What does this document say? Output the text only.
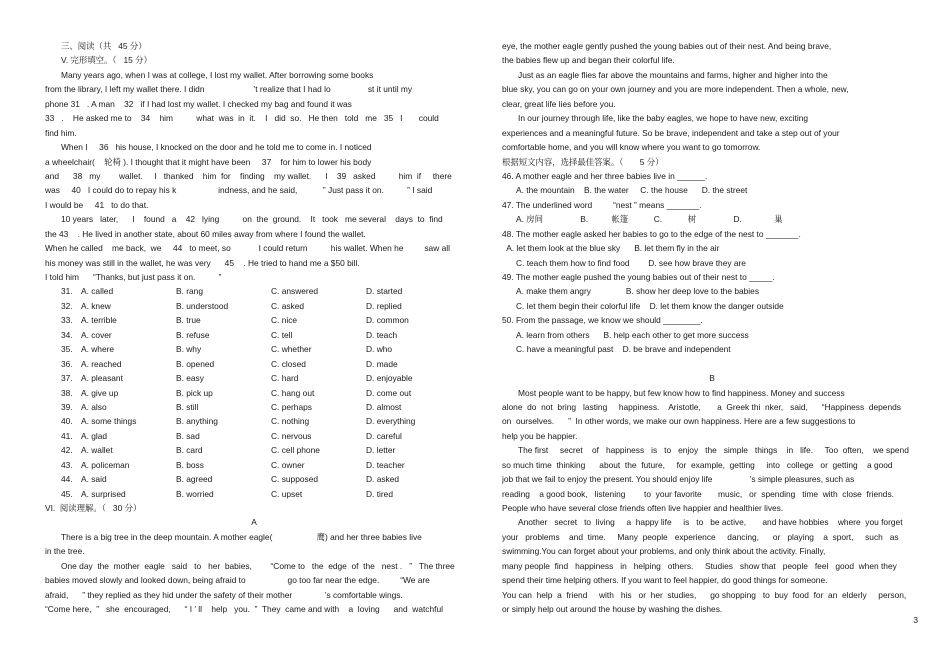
三、阅读（共   45 分）
V. 完形填空。（   15 分）
Many years ago, when I was at college, I lost my wallet. After borrowing some books
from the library, I left my wallet there. I didn                     ’t realize that I had lo                st it until my
phone 31   . A man    32   if I had lost my wallet. I checked my bag and found it was
33   .    He asked me to    34    him          what  was  in  it.    I   did  so.   He then   told   me   35   I       could
find him.
When I     36   his house, I knocked on the door and he told me to come in. I noticed
a wheelchair(    轮椅 ). I thought that it might have been     37    for him to lower his body
and      38   my        wallet.     I   thanked    him  for    finding    my wallet.      I    39   asked          him  if     there
was     40   I could do to repay his k                  indness, and he said,           ” Just pass it on.          ” I said
I would be     41   to do that.
10 years   later,      I    found   a    42   lying          on  the  ground.    It   took   me several    days  to  find
the 43    . He lived in another state, about 60 miles away from where I found the wallet.
When he called    me back,  we     44   to meet, so            I could return          his wallet. When he         saw all
his money was still in the wallet, he was very      45    . He tried to hand me a $50 bill.
I told him      “Thanks, but just pass it on.          ”
31. A. called	B. rang	C. answered	D. started
32. A. knew	B. understood	C. asked	D. replied
33. A. terrible	B. true	C. nice	D. common
34. A. cover	B. refuse	C. tell	D. teach
35. A. where	B. why	C. whether	D. who
36. A. reached	B. opened	C. closed	D. made
37. A. pleasant	B. easy	C. hard	D. enjoyable
38. A. give up	B. pick up	C. hang out	D. come out
39. A. also	B. still	C. perhaps	D. almost
40. A. some things	B. anything	C. nothing	D. everything
41. A. glad	B. sad	C. nervous	D. careful
42. A. wallet	B. card	C. cell phone	D. letter
43. A. policeman	B. boss	C. owner	D. teacher
44. A. said	B. agreed	C. supposed	D. asked
45. A. surprised	B. worried	C. upset	D. tired
VI.  阅读理解。（   30 分）
A
There is a big tree in the deep mountain. A mother eagle(                   鹰) and her three babies live
in the tree.
One day  the  mother  eagle   said   to   her  babies,        “Come to   the  edge  of  the   nest .   ”   The three
babies moved slowly and looked down, being afraid to                  go too far near the edge.         “We are
afraid,      ” they replied as they hid under the safety of their mother              ’s comfortable wings.
“Come here,  ”   she  encouraged,      “ I ’ ll    help   you.  ”  They  came and with    a  loving      and  watchful
eye, the mother eagle gently pushed the young babies out of their nest. And being brave,
the babies flew up and began their colorful life.
Just as an eagle flies far above the mountains and farms, higher and higher into the
blue sky, you can go on your own journey and you are more independent. Then a whole, new,
clear, great life lies before you.
In our journey through life, like the baby eagles, we hope to have new, exciting
experiences and a meaningful future. So be brave, independent and take a step out of your
comfortable home, and you will know where you want to go tomorrow.
根据短文内容，选择最佳答案。（       5 分）
46. A mother eagle and her three babies live in ______.
A. the mountain    B. the water     C. the house      D. the street
47. The underlined word         “nest ” means _______.
A. 房间                B.          帐篷           C.           树                D.              巢
48. The mother eagle asked her babies to go to the edge of the nest to _______.
A. let them look at the blue sky      B. let them fly in the air
C. teach them how to find food        D. see how brave they are
49. The mother eagle pushed the young babies out of their nest to _____.
A. make them angry               B. show her deep love to the babies
C. let them begin their colorful life    D. let them know the danger outside
50. From the passage, we know we should ________.
A. learn from others      B. help each other to get more success
C. have a meaningful past    D. be brave and independent
B
Most people want to be happy, but few know how to find happiness. Money and success
alone  do  not  bring   lasting     happiness.    Aristotle,       a  Greek thi  nker,   said,      “Happiness  depends
on  ourselves.      ”  In other words, we make our own happiness. Here are a few suggestions to
help you be happier.
The first     secret    of   happiness   is   to   enjoy   the   simple   things    in   life.     Too  often,    we spend
so much time  thinking      about  the  future,     for  example,  getting     into   college   or  getting    a good
job that we fail to enjoy the present. You should enjoy life                ’s simple pleasures, such as
reading    a good book,   listening        to  your favorite       music,   or  spending   time  with  close  friends.
People who have several close friends often live happier and healthier lives.
Another   secret   to  living     a  happy life     is   to   be active,       and have hobbies    where  you forget
your   problems    and  time.     Many  people   experience     dancing,      or   playing    a  sport,     such   as
swimming.You can forget about your problems, and only think about the activity. Finally,
many people  find   happiness   in   helping   others.     Studies   show that   people   feel   good  when they
spend their time helping others. If you want to feel happier, do good things for someone.
You can  help  a  friend     with   his   or  her  studies,      go shopping   to  buy  food  for  an  elderly     person,
or simply help out around the house by washing the dishes.
3
